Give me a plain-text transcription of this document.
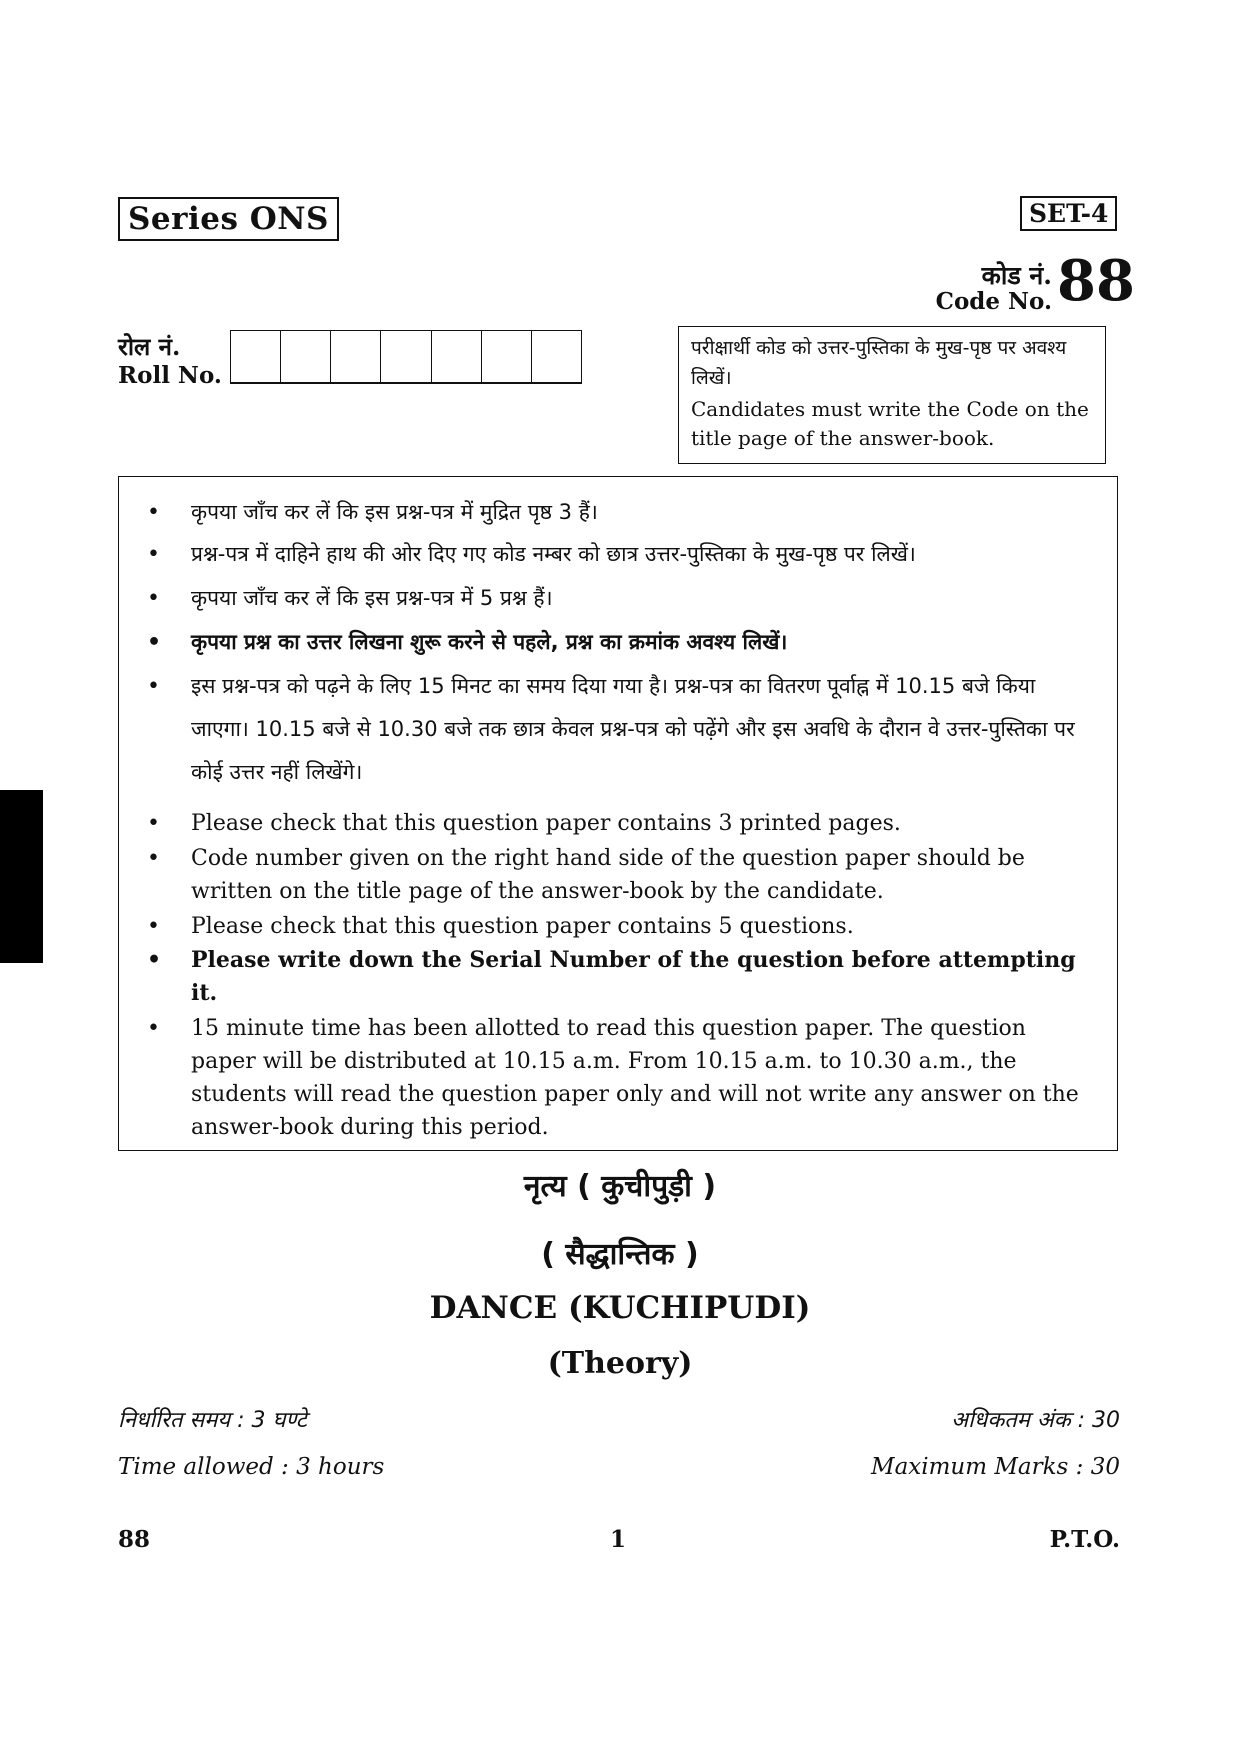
Series ONS	SET-4
कोड नं.
Code No. 88
रोल नं.
Roll No.
परीक्षार्थी कोड को उत्तर-पुस्तिका के मुख-पृष्ठ पर अवश्य लिखें।
Candidates must write the Code on the title page of the answer-book.
• कृपया जाँच कर लें कि इस प्रश्न-पत्र में मुद्रित पृष्ठ 3 हैं।
• प्रश्न-पत्र में दाहिने हाथ की ओर दिए गए कोड नम्बर को छात्र उत्तर-पुस्तिका के मुख-पृष्ठ पर लिखें।
• कृपया जाँच कर लें कि इस प्रश्न-पत्र में 5 प्रश्न हैं।
• कृपया प्रश्न का उत्तर लिखना शुरू करने से पहले, प्रश्न का क्रमांक अवश्य लिखें।
• इस प्रश्न-पत्र को पढ़ने के लिए 15 मिनट का समय दिया गया है। प्रश्न-पत्र का वितरण पूर्वाह्न में 10.15 बजे किया जाएगा। 10.15 बजे से 10.30 बजे तक छात्र केवल प्रश्न-पत्र को पढ़ेंगे और इस अवधि के दौरान वे उत्तर-पुस्तिका पर कोई उत्तर नहीं लिखेंगे।
• Please check that this question paper contains 3 printed pages.
• Code number given on the right hand side of the question paper should be written on the title page of the answer-book by the candidate.
• Please check that this question paper contains 5 questions.
• Please write down the Serial Number of the question before attempting it.
• 15 minute time has been allotted to read this question paper. The question paper will be distributed at 10.15 a.m. From 10.15 a.m. to 10.30 a.m., the students will read the question paper only and will not write any answer on the answer-book during this period.
नृत्य ( कुचीपुड़ी )
( सैद्धान्तिक )
DANCE (KUCHIPUDI)
(Theory)
निर्धारित समय : 3 घण्टे	अधिकतम अंक : 30
Time allowed : 3 hours	Maximum Marks : 30
88	1	P.T.O.
